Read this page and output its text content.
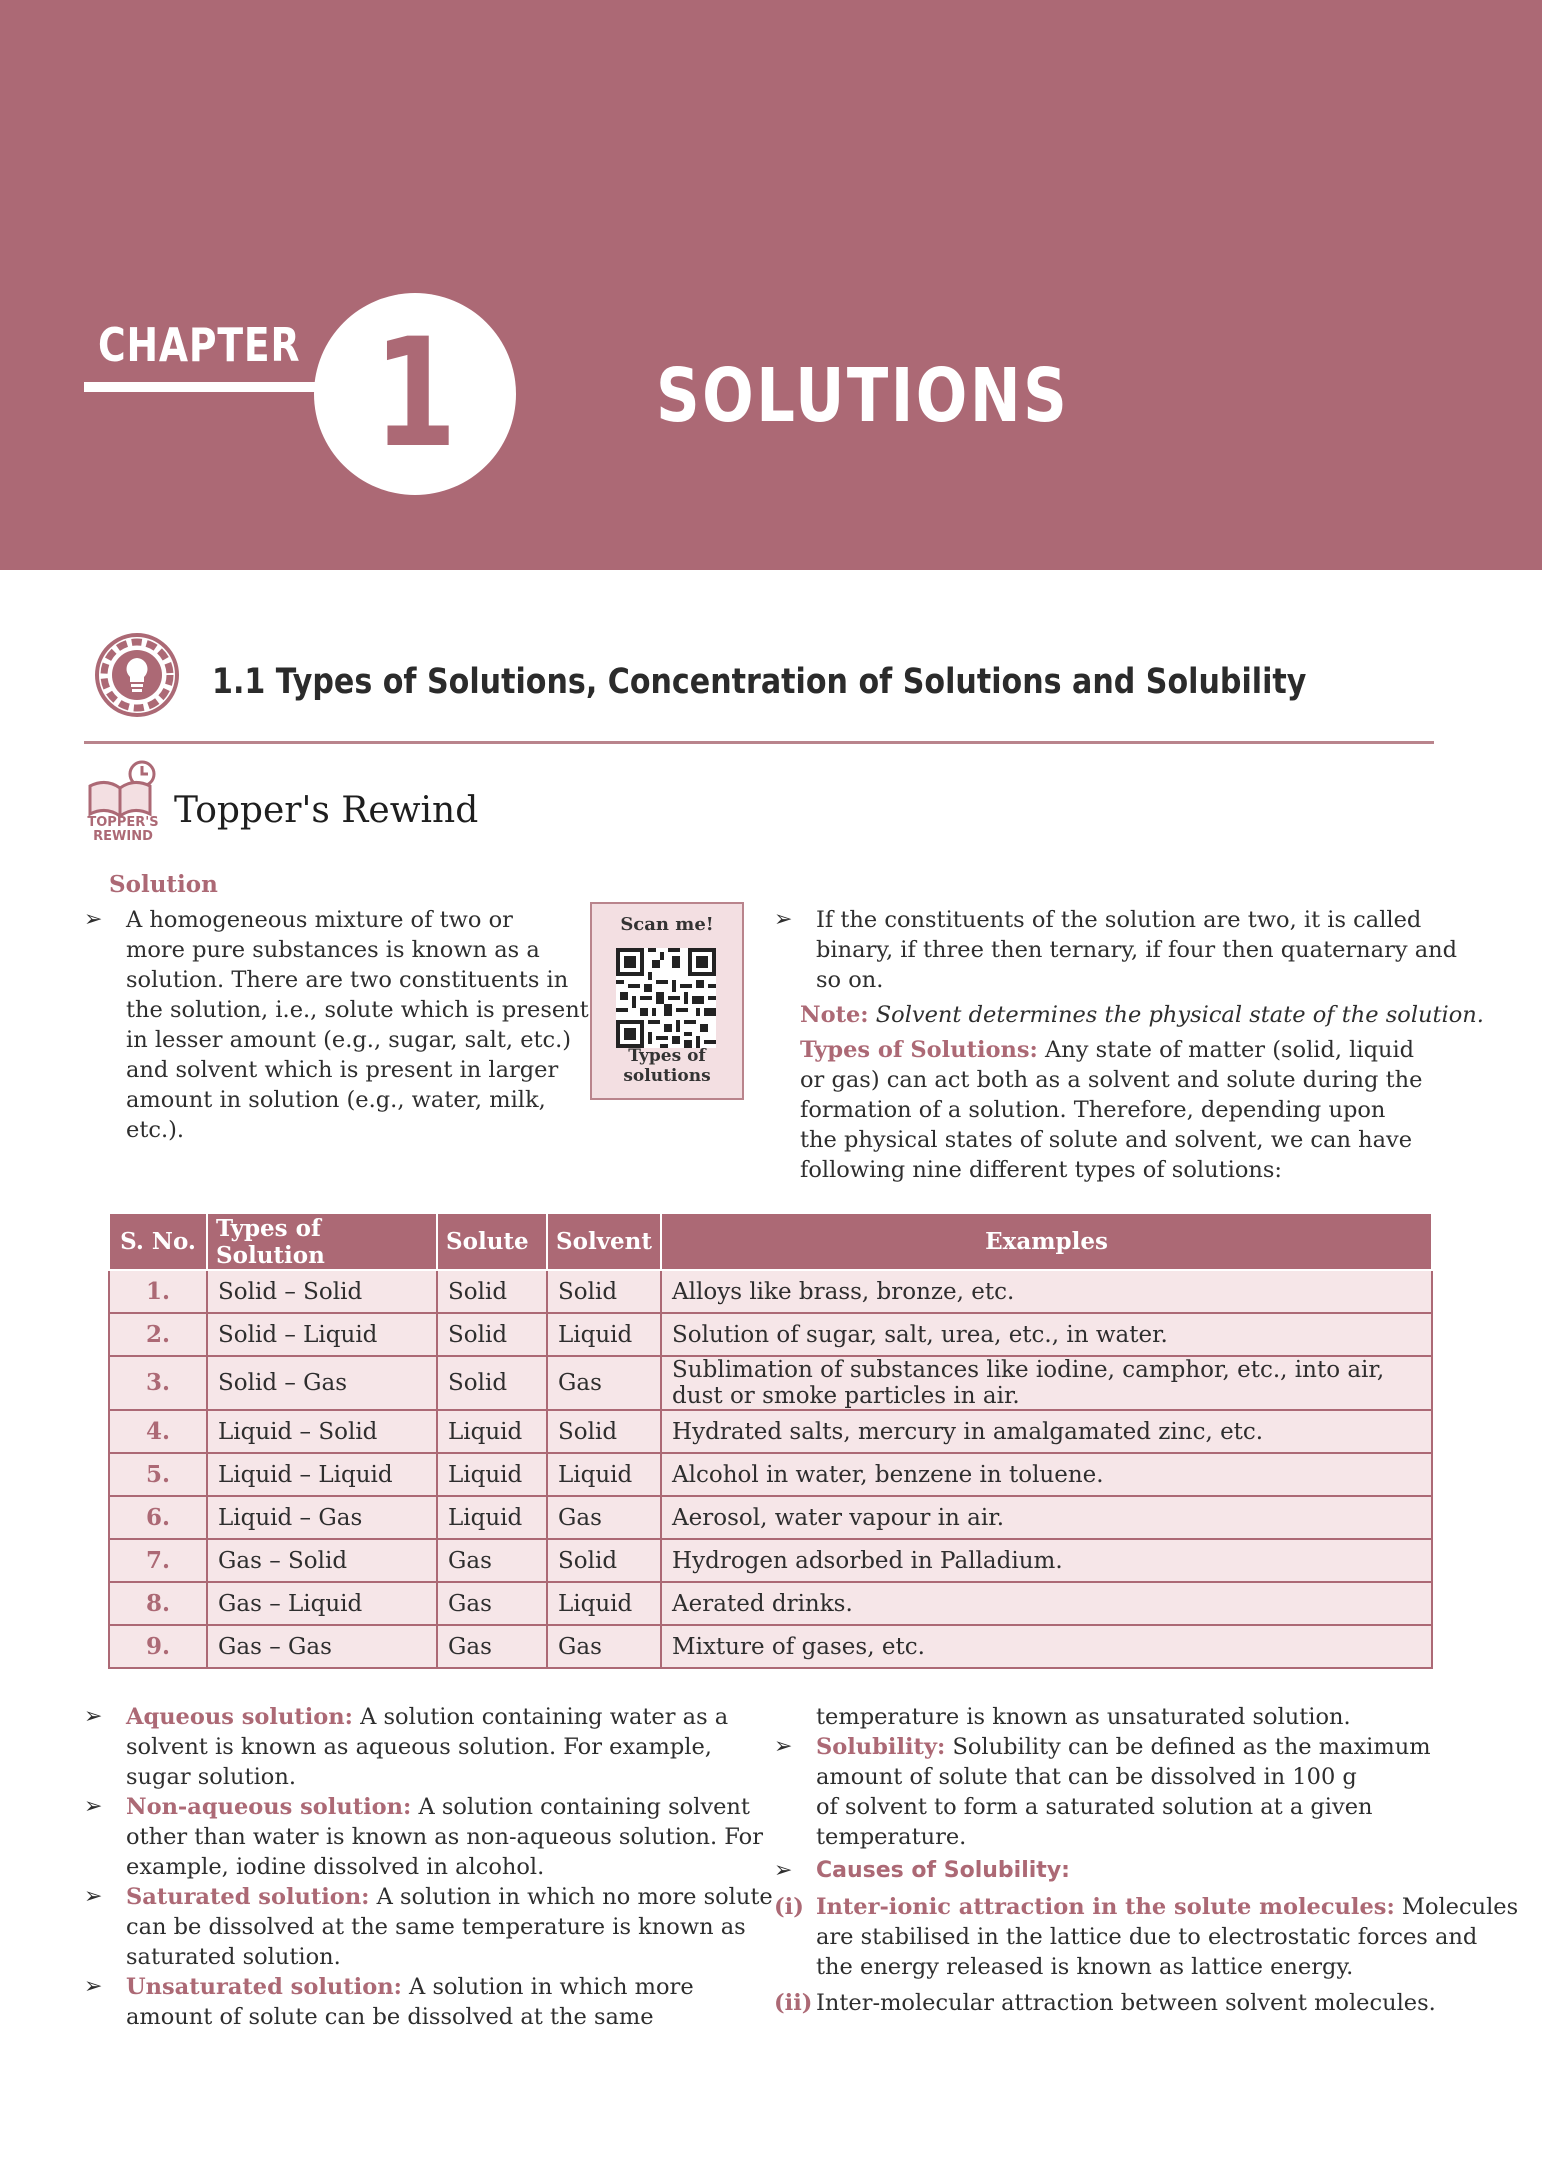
CHAPTER 1	SOLUTIONS
1.1 Types of Solutions, Concentration of Solutions and Solubility
TOPPER'S
REWIND
Topper's Rewind
Solution
➢ A homogeneous mixture of two or
more pure substances is known as a
solution. There are two constituents in
the solution, i.e., solute which is present
in lesser amount (e.g., sugar, salt, etc.)
and solvent which is present in larger
amount in solution (e.g., water, milk,
etc.).
Scan me!
Types of
solutions
➢ If the constituents of the solution are two, it is called
binary, if three then ternary, if four then quaternary and
so on.
Note: Solvent determines the physical state of the solution.
Types of Solutions: Any state of matter (solid, liquid
or gas) can act both as a solvent and solute during the
formation of a solution. Therefore, depending upon
the physical states of solute and solvent, we can have
following nine different types of solutions:
S. No.	Types of Solution	Solute	Solvent	Examples
1.	Solid – Solid	Solid	Solid	Alloys like brass, bronze, etc.
2.	Solid – Liquid	Solid	Liquid	Solution of sugar, salt, urea, etc., in water.
3.	Solid – Gas	Solid	Gas	Sublimation of substances like iodine, camphor, etc., into air, dust or smoke particles in air.
4.	Liquid – Solid	Liquid	Solid	Hydrated salts, mercury in amalgamated zinc, etc.
5.	Liquid – Liquid	Liquid	Liquid	Alcohol in water, benzene in toluene.
6.	Liquid – Gas	Liquid	Gas	Aerosol, water vapour in air.
7.	Gas – Solid	Gas	Solid	Hydrogen adsorbed in Palladium.
8.	Gas – Liquid	Gas	Liquid	Aerated drinks.
9.	Gas – Gas	Gas	Gas	Mixture of gases, etc.
➢ Aqueous solution: A solution containing water as a
solvent is known as aqueous solution. For example,
sugar solution.
➢ Non-aqueous solution: A solution containing solvent
other than water is known as non-aqueous solution. For
example, iodine dissolved in alcohol.
➢ Saturated solution: A solution in which no more solute
can be dissolved at the same temperature is known as
saturated solution.
➢ Unsaturated solution: A solution in which more
amount of solute can be dissolved at the same
temperature is known as unsaturated solution.
➢ Solubility: Solubility can be defined as the maximum
amount of solute that can be dissolved in 100 g
of solvent to form a saturated solution at a given
temperature.
➢ Causes of Solubility:
(i) Inter-ionic attraction in the solute molecules: Molecules
are stabilised in the lattice due to electrostatic forces and
the energy released is known as lattice energy.
(ii) Inter-molecular attraction between solvent molecules.
